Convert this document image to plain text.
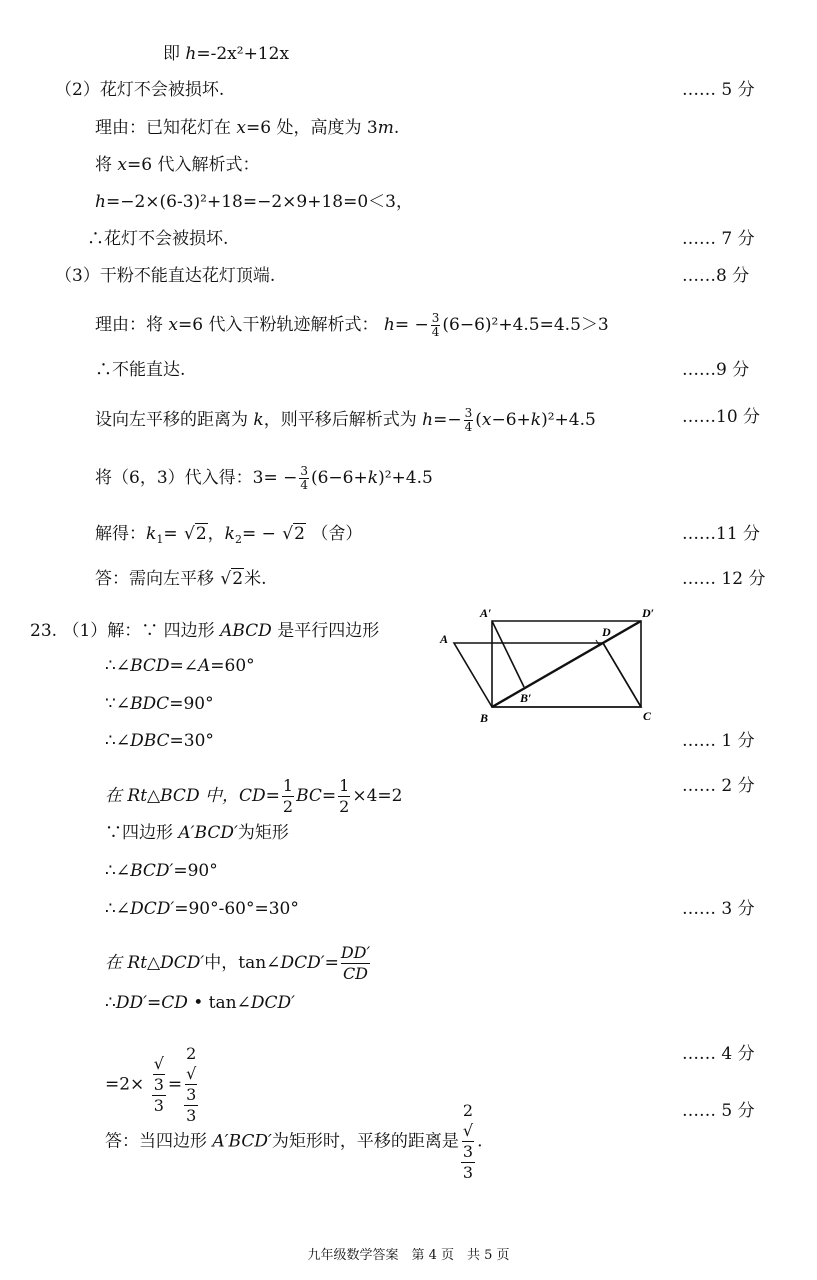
即 h=-2x²+12x
（2）花灯不会被损坏.	…… 5 分
理由：已知花灯在 x=6 处，高度为 3m.
将 x=6 代入解析式：
h=−2×(6-3)²+18=−2×9+18=0＜3，
∴花灯不会被损坏.	…… 7 分
（3）干粉不能直达花灯顶端.	……8 分
理由：将 x=6 代入干粉轨迹解析式： $h= - \frac{3}{4} (6-6)^2+4.5=4.5>3$
∴不能直达.	……9 分
设向左平移的距离为 k，则平移后解析式为 $h=- \frac{3}{4} (x-6+k)^2+4.5$	……10 分
将（6，3）代入得：$3= - \frac{3}{4} (6-6+k)^2+4.5$
解得：$k_1= √2$，$k_2= - √2$ （舍）	……11 分
答：需向左平移 √2米.	…… 12 分
23. （1）解：∵ 四边形 ABCD 是平行四边形
A′	D′
A	D
B′
B	C
∴∠BCD=∠A=60°
∵∠BDC=90°
∴∠DBC=30°	…… 1 分
在 Rt△BCD 中，$CD= \frac{1}{2} BC= \frac{1}{2} \times 4=2$	…… 2 分
∵四边形 A′BCD′为矩形
∴∠BCD′=90°
∴∠DCD′=90°-60°=30°	…… 3 分
在 Rt△DCD′中，tan∠DCD′= $\frac{DD'}{CD}$
∴DD′=CD • tan∠DCD′
=2× √
3
3 = 2
√
3
3	…… 4 分
答：当四边形 A′BCD′为矩形时，平移的距离是 2
√
3
3 .
…… 5 分
九年级数学答案　第 4 页　共 5 页
